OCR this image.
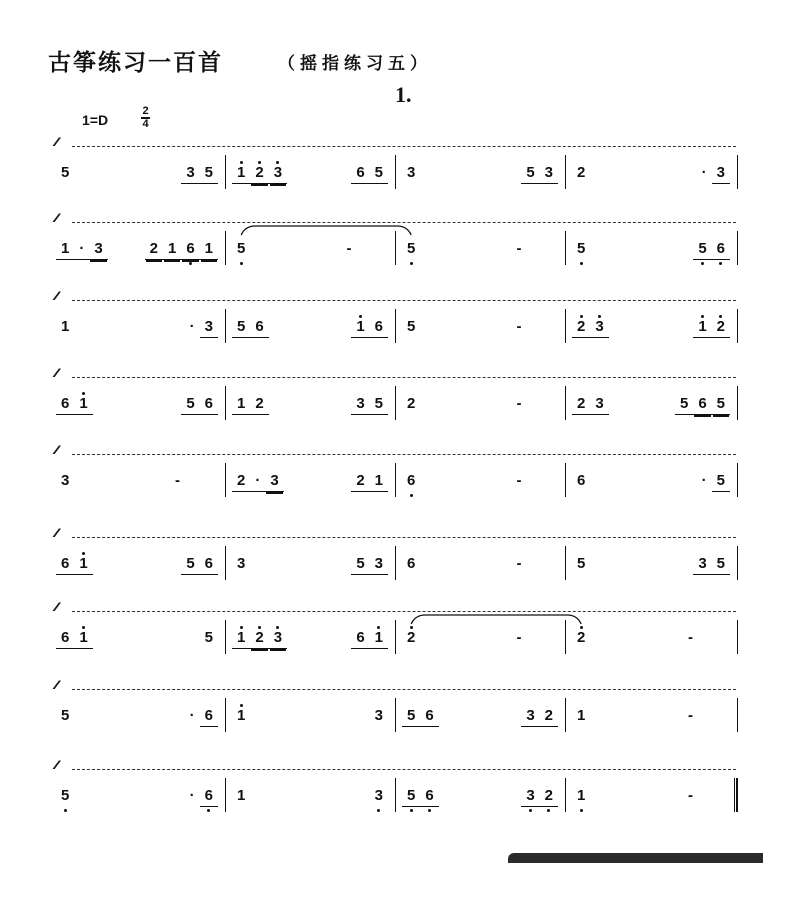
古筝练习一百首	（摇指练习五）
1.
1=D
2
4
5	3 5	1 2 3	6 5	3	5 3	2	· 3
1 · 3	2 1 6 1	5	-	5	-	5	5 6
1	· 3	5 6	1 6	5	-	2 3	1 2
6 1	5 6	1 2	3 5	2	-	2 3	5 6 5
3	-	2 · 3	2 1	6	-	6	· 5
6 1	5 6	3	5 3	6	-	5	3 5
6 1	5	1 2 3	6 1	2	-	2	-
5	· 6	1	3	5 6	3 2	1	-
5	· 6	1	3	5 6	3 2	1	-
